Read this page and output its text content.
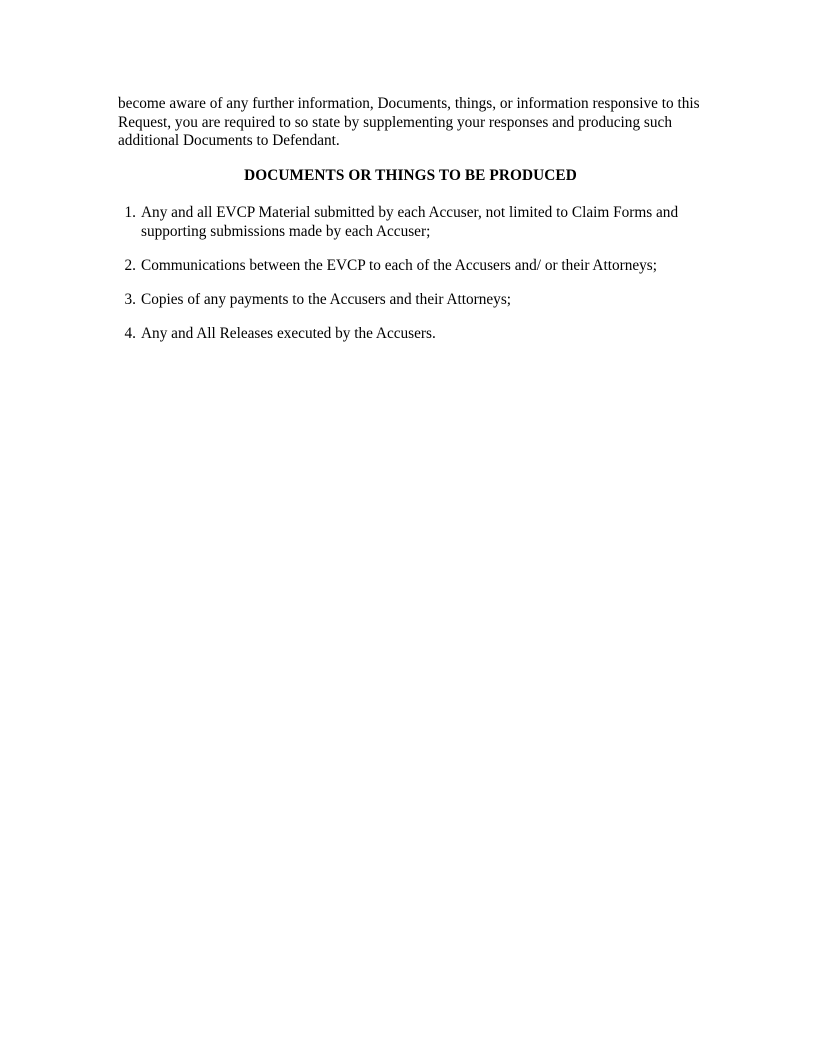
become aware of any further information, Documents, things, or information responsive to this Request, you are required to so state by supplementing your responses and producing such additional Documents to Defendant.

DOCUMENTS OR THINGS TO BE PRODUCED

1. Any and all EVCP Material submitted by each Accuser, not limited to Claim Forms and supporting submissions made by each Accuser;
2. Communications between the EVCP to each of the Accusers and/ or their Attorneys;
3. Copies of any payments to the Accusers and their Attorneys;
4. Any and All Releases executed by the Accusers.
